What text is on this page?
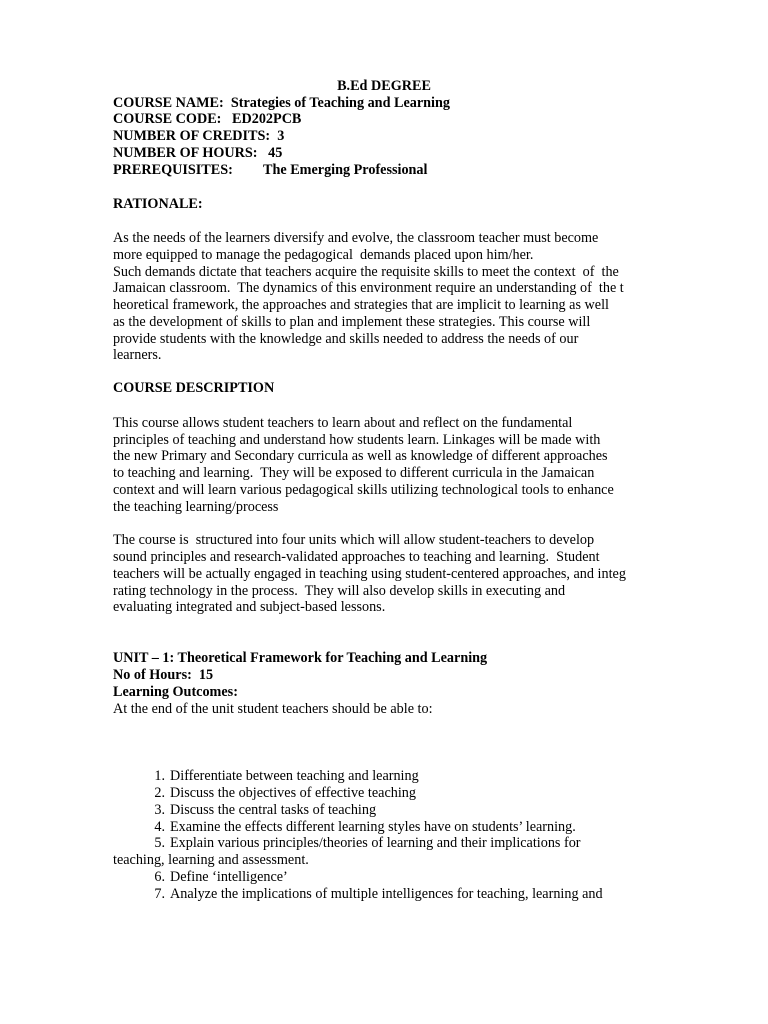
B.Ed DEGREE
COURSE NAME: Strategies of Teaching and Learning
COURSE CODE: ED202PCB
NUMBER OF CREDITS: 3
NUMBER OF HOURS: 45
PREREQUISITES: The Emerging Professional
RATIONALE:
As the needs of the learners diversify and evolve, the classroom teacher must become
more equipped to manage the pedagogical  demands placed upon him/her.
Such demands dictate that teachers acquire the requisite skills to meet the context  of  the
Jamaican classroom.  The dynamics of this environment require an understanding of  the t
heoretical framework, the approaches and strategies that are implicit to learning as well
as the development of skills to plan and implement these strategies. This course will
provide students with the knowledge and skills needed to address the needs of our
learners.
COURSE DESCRIPTION
This course allows student teachers to learn about and reflect on the fundamental
principles of teaching and understand how students learn. Linkages will be made with
the new Primary and Secondary curricula as well as knowledge of different approaches
to teaching and learning.  They will be exposed to different curricula in the Jamaican
context and will learn various pedagogical skills utilizing technological tools to enhance
the teaching learning/process
The course is  structured into four units which will allow student-teachers to develop
sound principles and research-validated approaches to teaching and learning.  Student
teachers will be actually engaged in teaching using student-centered approaches, and integ
rating technology in the process.  They will also develop skills in executing and
evaluating integrated and subject-based lessons.
UNIT – 1: Theoretical Framework for Teaching and Learning
No of Hours:  15
Learning Outcomes:
At the end of the unit student teachers should be able to:
1. Differentiate between teaching and learning
2. Discuss the objectives of effective teaching
3. Discuss the central tasks of teaching
4. Examine the effects different learning styles have on students’ learning.
5. Explain various principles/theories of learning and their implications for
teaching, learning and assessment.
6. Define ‘intelligence’
7. Analyze the implications of multiple intelligences for teaching, learning and
